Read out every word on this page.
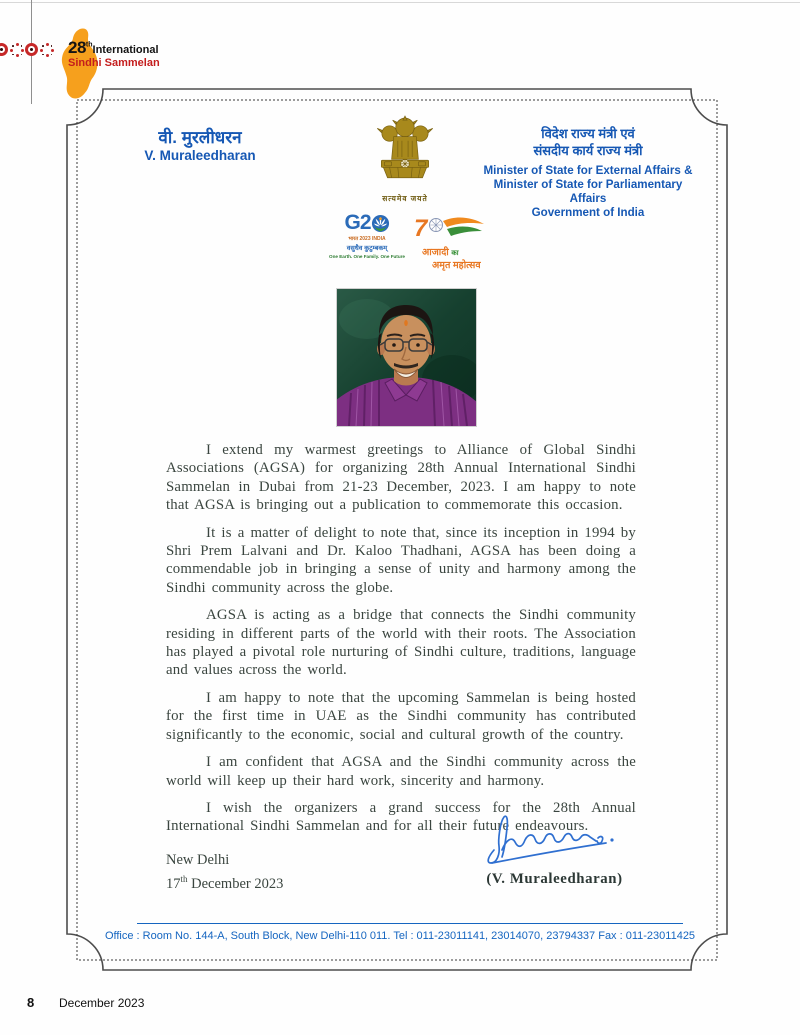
28thInternational
Sindhi Sammelan
वी. मुरलीधरन
V. Muraleedharan
सत्यमेव जयते
विदेश राज्य मंत्री एवं
संसदीय कार्य राज्य मंत्री
Minister of State for External Affairs &
Minister of State for Parliamentary Affairs
Government of India
G2
भारत 2023 INDIA
वसुधैव कुटुम्बकम्
One Earth. One Family. One Future
7
आजादी का
अमृत महोत्सव

I extend my warmest greetings to Alliance of Global Sindhi Associations (AGSA) for organizing 28th Annual International Sindhi Sammelan in Dubai from 21-23 December, 2023. I am happy to note that AGSA is bringing out a publication to commemorate this occasion.

It is a matter of delight to note that, since its inception in 1994 by Shri Prem Lalvani and Dr. Kaloo Thadhani, AGSA has been doing a commendable job in bringing a sense of unity and harmony among the Sindhi community across the globe.

AGSA is acting as a bridge that connects the Sindhi community residing in different parts of the world with their roots. The Association has played a pivotal role nurturing of Sindhi culture, traditions, language and values across the world.

I am happy to note that the upcoming Sammelan is being hosted for the first time in UAE as the Sindhi community has contributed significantly to the economic, social and cultural growth of the country.

I am confident that AGSA and the Sindhi community across the world will keep up their hard work, sincerity and harmony.

I wish the organizers a grand success for the 28th Annual International Sindhi Sammelan and for all their future endeavours.

New Delhi
17th December 2023	(V. Muraleedharan)
Office : Room No. 144-A, South Block, New Delhi-110 011. Tel : 011-23011141, 23014070, 23794337 Fax : 011-23011425
8 December 2023
